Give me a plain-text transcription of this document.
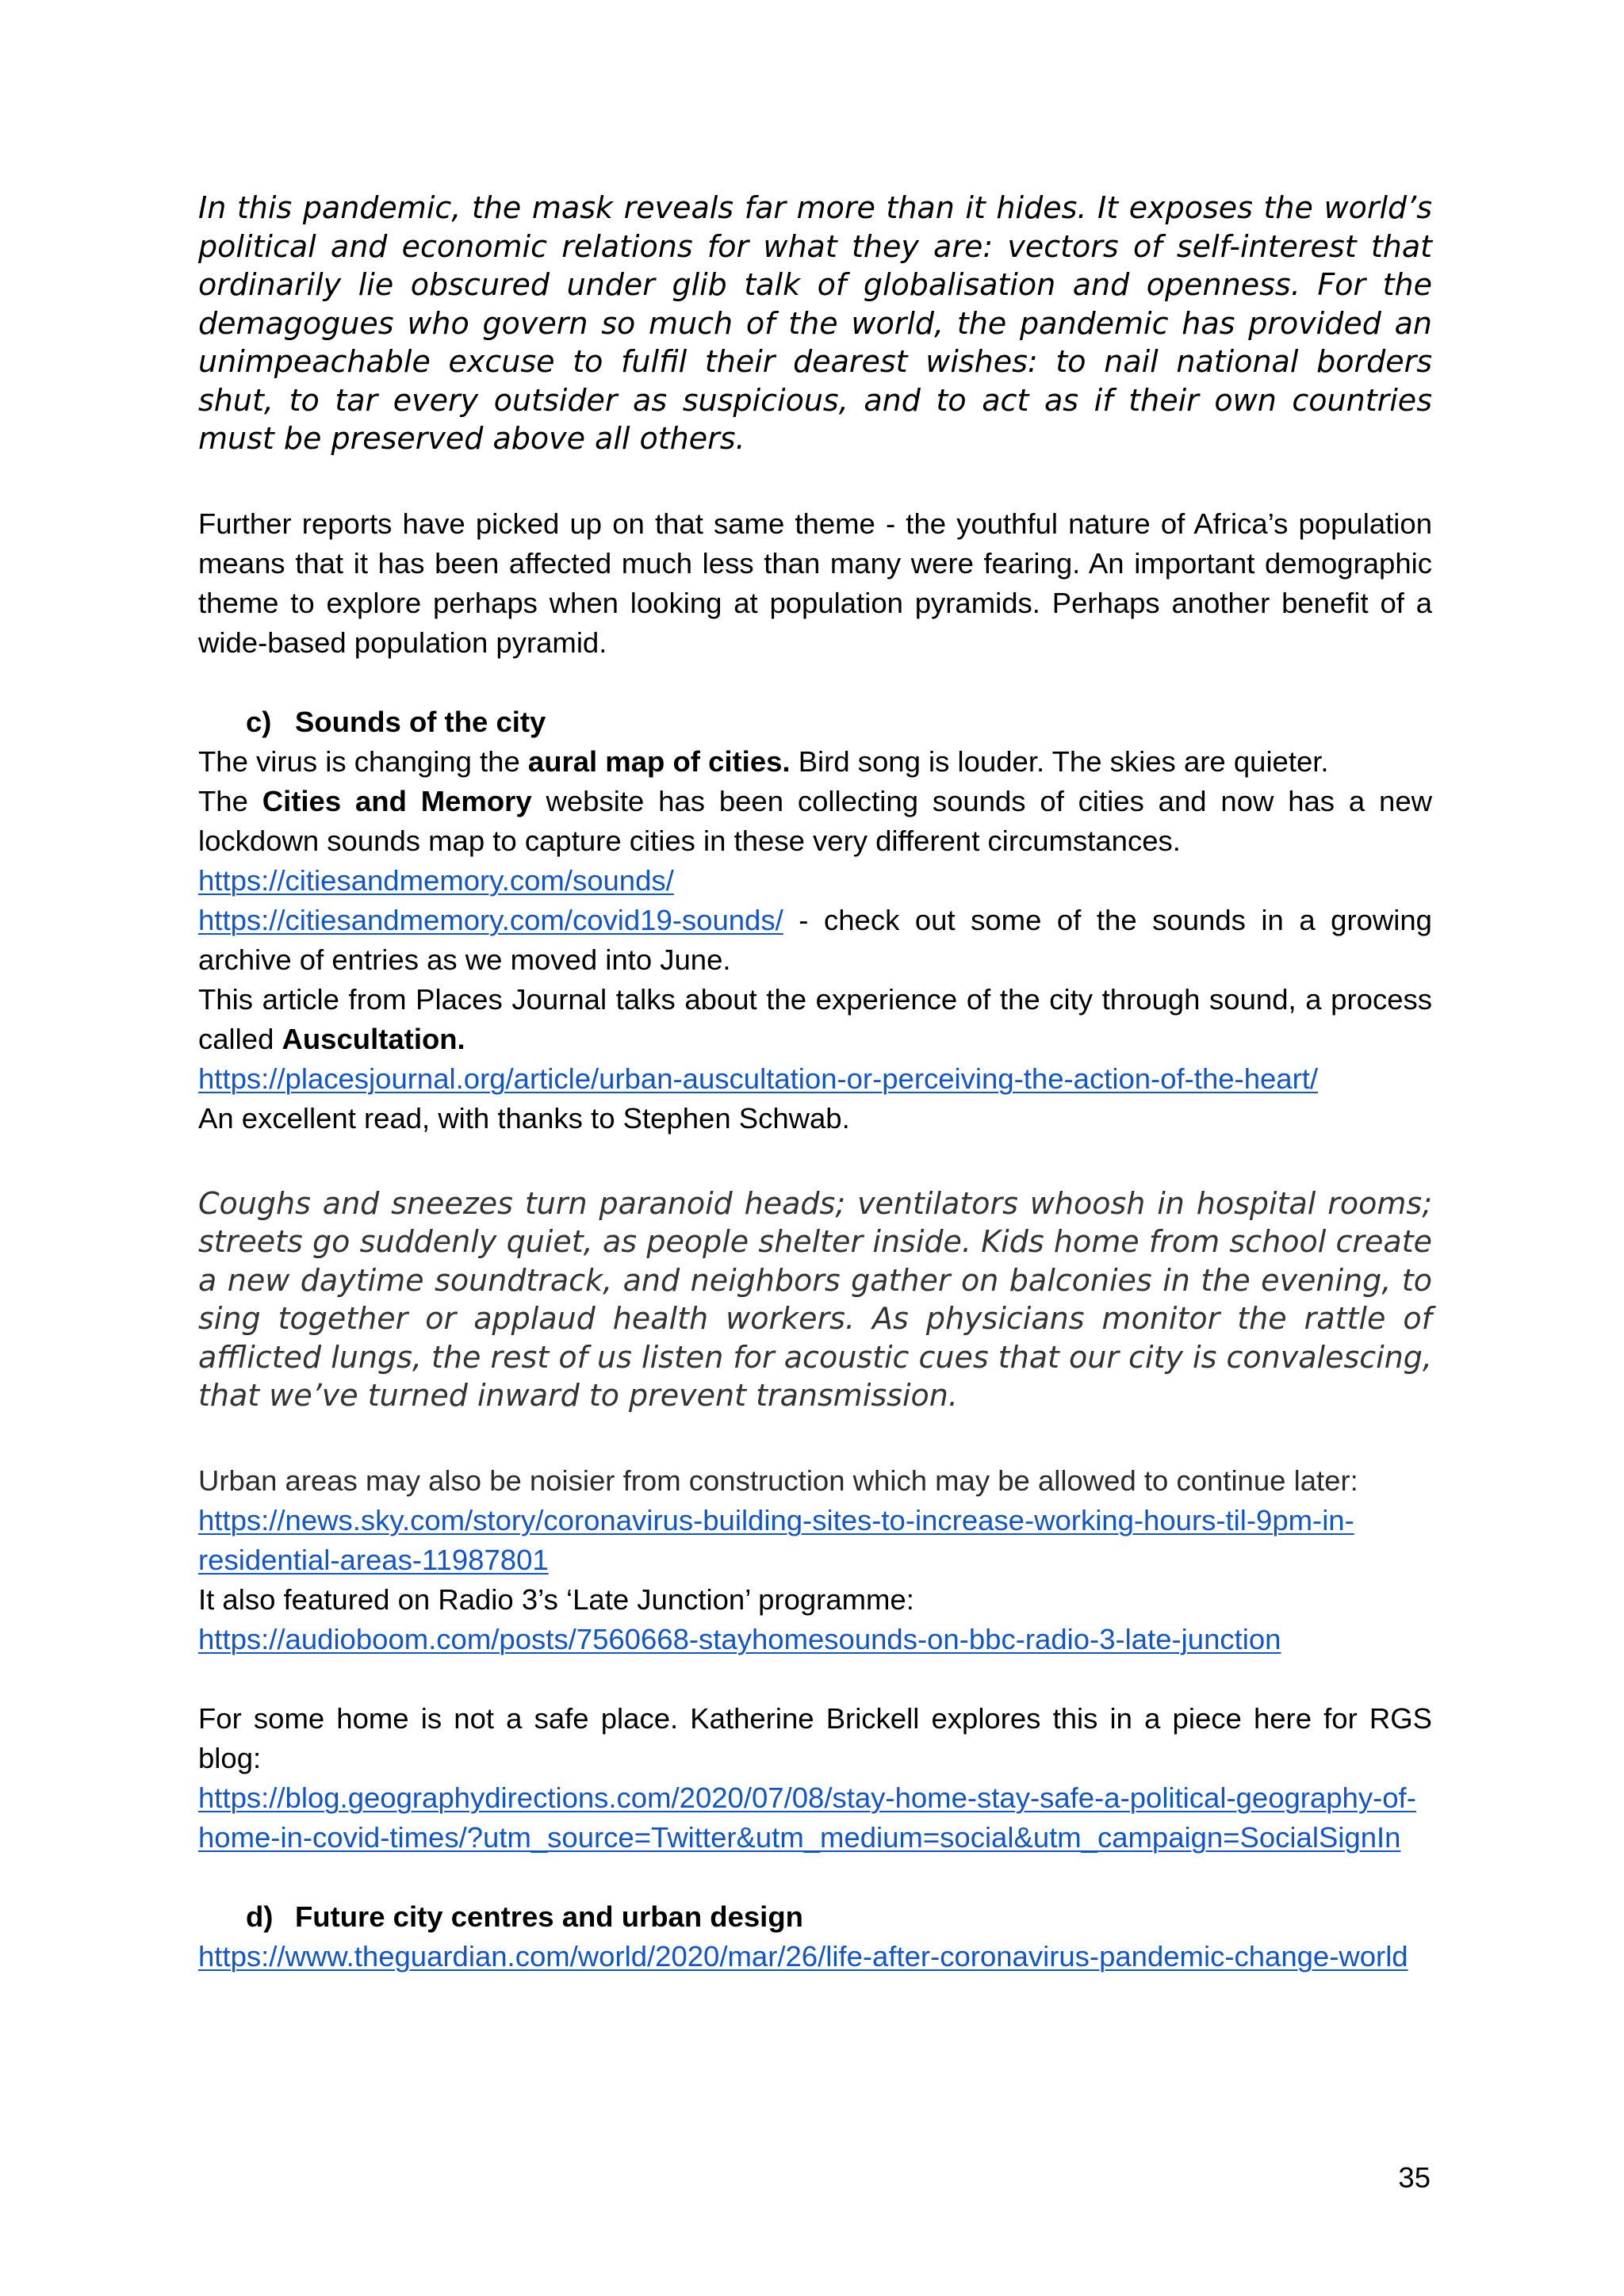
In this pandemic, the mask reveals far more than it hides. It exposes the world’s political and economic relations for what they are: vectors of self-interest that ordinarily lie obscured under glib talk of globalisation and openness. For the demagogues who govern so much of the world, the pandemic has provided an unimpeachable excuse to fulfil their dearest wishes: to nail national borders shut, to tar every outsider as suspicious, and to act as if their own countries must be preserved above all others.

Further reports have picked up on that same theme - the youthful nature of Africa’s population means that it has been affected much less than many were fearing. An important demographic theme to explore perhaps when looking at population pyramids. Perhaps another benefit of a wide-based population pyramid.

c) Sounds of the city

The virus is changing the aural map of cities. Bird song is louder. The skies are quieter.

The Cities and Memory website has been collecting sounds of cities and now has a new lockdown sounds map to capture cities in these very different circumstances.

https://citiesandmemory.com/sounds/

https://citiesandmemory.com/covid19-sounds/ - check out some of the sounds in a growing archive of entries as we moved into June.

This article from Places Journal talks about the experience of the city through sound, a process called Auscultation.

https://placesjournal.org/article/urban-auscultation-or-perceiving-the-action-of-the-heart/

An excellent read, with thanks to Stephen Schwab.

Coughs and sneezes turn paranoid heads; ventilators whoosh in hospital rooms; streets go suddenly quiet, as people shelter inside. Kids home from school create a new daytime soundtrack, and neighbors gather on balconies in the evening, to sing together or applaud health workers. As physicians monitor the rattle of afflicted lungs, the rest of us listen for acoustic cues that our city is convalescing, that we’ve turned inward to prevent transmission.

Urban areas may also be noisier from construction which may be allowed to continue later:

https://news.sky.com/story/coronavirus-building-sites-to-increase-working-hours-til-9pm-in-residential-areas-11987801

It also featured on Radio 3’s ‘Late Junction’ programme:

https://audioboom.com/posts/7560668-stayhomesounds-on-bbc-radio-3-late-junction

For some home is not a safe place. Katherine Brickell explores this in a piece here for RGS blog:

https://blog.geographydirections.com/2020/07/08/stay-home-stay-safe-a-political-geography-of-home-in-covid-times/?utm_source=Twitter&utm_medium=social&utm_campaign=SocialSignIn

d) Future city centres and urban design

https://www.theguardian.com/world/2020/mar/26/life-after-coronavirus-pandemic-change-world

35
